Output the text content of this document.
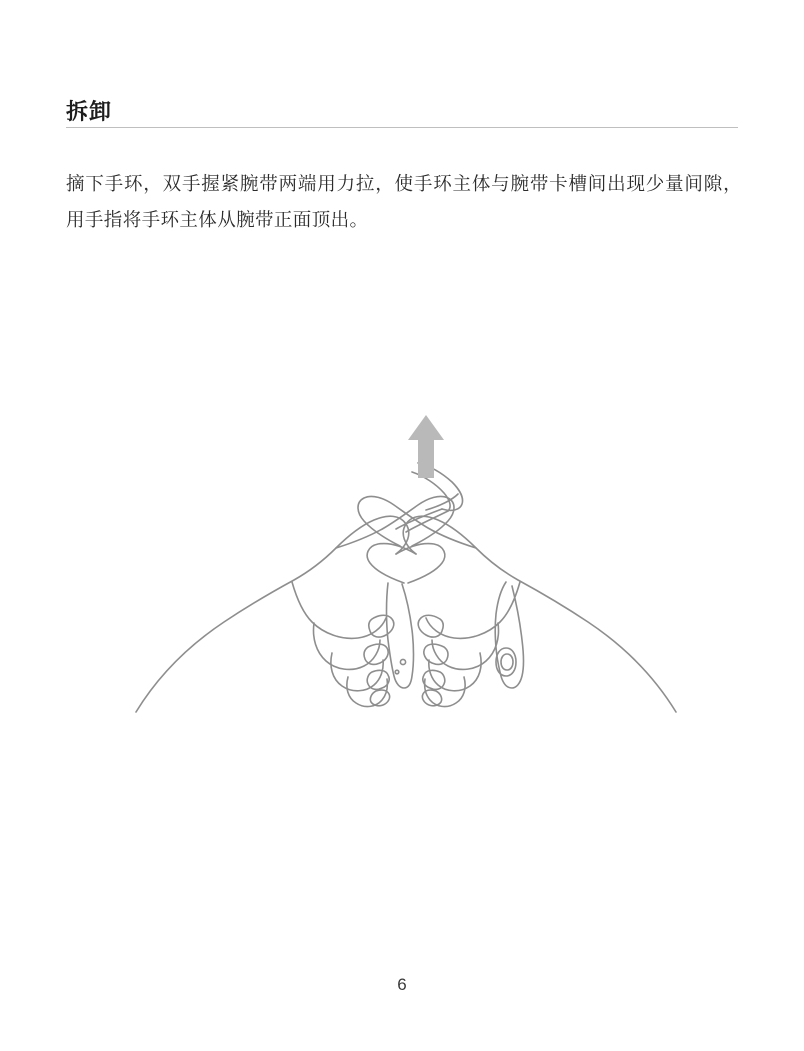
拆卸

摘下手环，双手握紧腕带两端用力拉，使手环主体与腕带卡槽间出现少量间隙，用手指将手环主体从腕带正面顶出。

6
